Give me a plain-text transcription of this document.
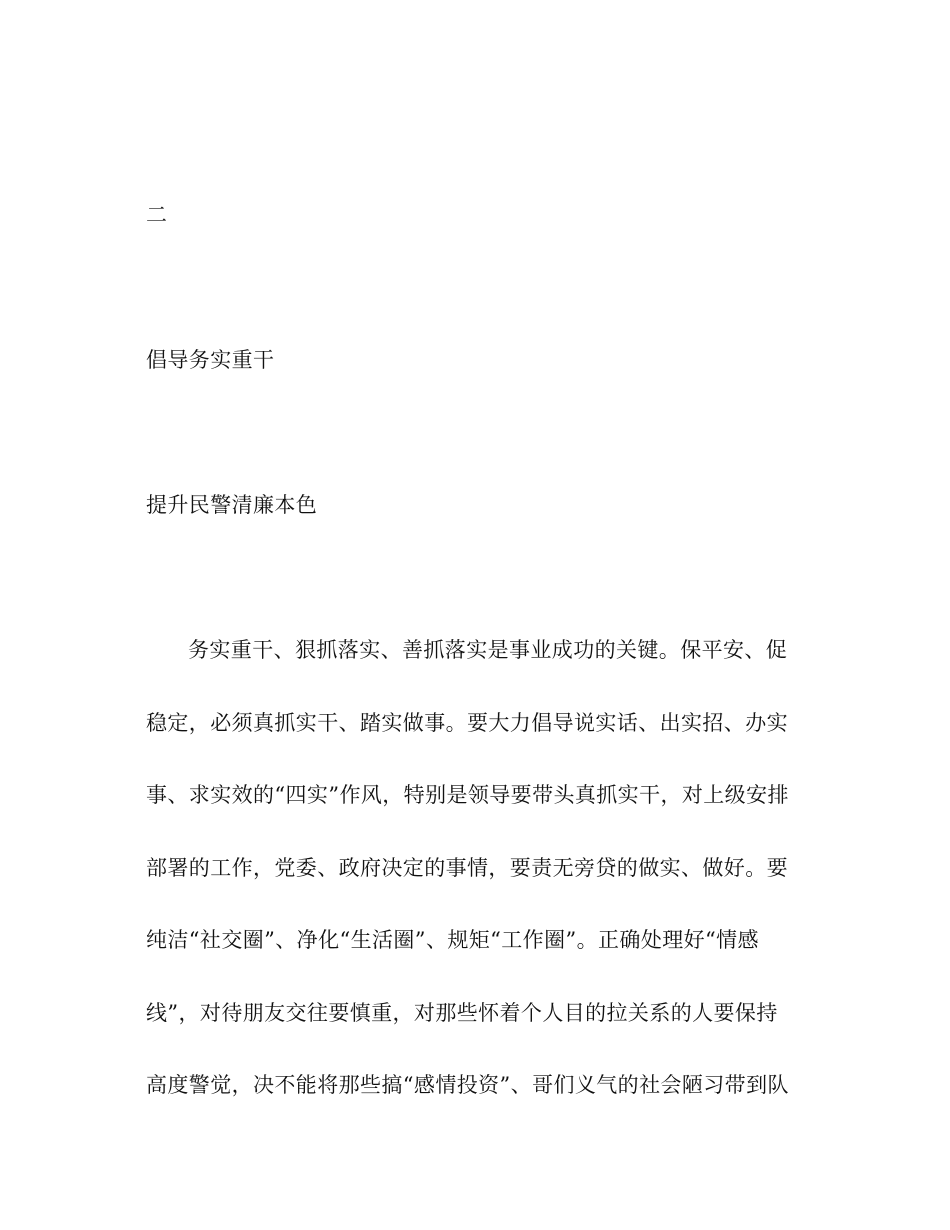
二
倡导务实重干
提升民警清廉本色
务实重干、狠抓落实、善抓落实是事业成功的关键。保平安、促
稳定，必须真抓实干、踏实做事。要大力倡导说实话、出实招、办实
事、求实效的“四实”作风，特别是领导要带头真抓实干，对上级安排
部署的工作，党委、政府决定的事情，要责无旁贷的做实、做好。要
纯洁“社交圈”、净化“生活圈”、规矩“工作圈”。正确处理好“情感
线”，对待朋友交往要慎重，对那些怀着个人目的拉关系的人要保持
高度警觉，决不能将那些搞“感情投资”、哥们义气的社会陋习带到队
